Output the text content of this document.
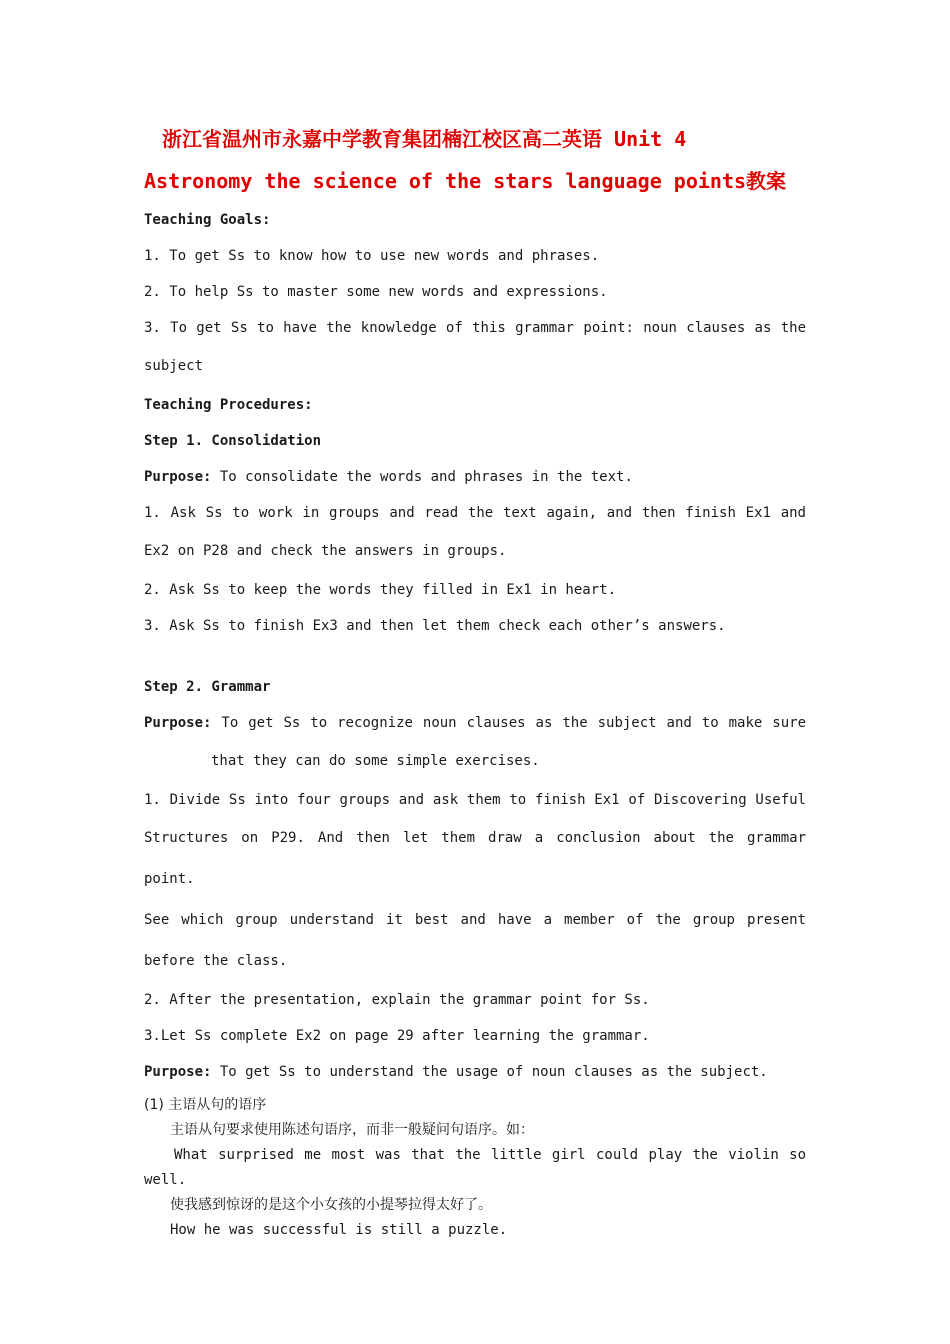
浙江省温州市永嘉中学教育集团楠江校区高二英语 Unit 4
Astronomy the science of the stars language points教案

Teaching Goals:

1. To get Ss to know how to use new words and phrases.

2. To help Ss to master some new words and expressions.

3. To get Ss to have the knowledge of this grammar point: noun clauses as the

subject

Teaching Procedures:

Step 1. Consolidation

Purpose: To consolidate the words and phrases in the text.

1. Ask Ss to work in groups and read the text again, and then finish Ex1 and

Ex2 on P28 and check the answers in groups.

2. Ask Ss to keep the words they filled in Ex1 in heart.

3. Ask Ss to finish Ex3 and then let them check each other’s answers.

Step 2. Grammar

Purpose: To get Ss to recognize noun clauses as the subject and to make sure

that they can do some simple exercises.

1. Divide Ss into four groups and ask them to finish Ex1 of Discovering Useful

Structures on P29. And then let them draw a conclusion about the grammar point.

See which group understand it best and have a member of the group present

before the class.

2. After the presentation, explain the grammar point for Ss.

3.Let Ss complete Ex2 on page 29 after learning the grammar.

Purpose: To get Ss to understand the usage of noun clauses as the subject.

(1) 主语从句的语序
主语从句要求使用陈述句语序，而非一般疑问句语序。如：
What surprised me most was that the little girl could play the violin so
well.
使我感到惊讶的是这个小女孩的小提琴拉得太好了。
How he was successful is still a puzzle.
